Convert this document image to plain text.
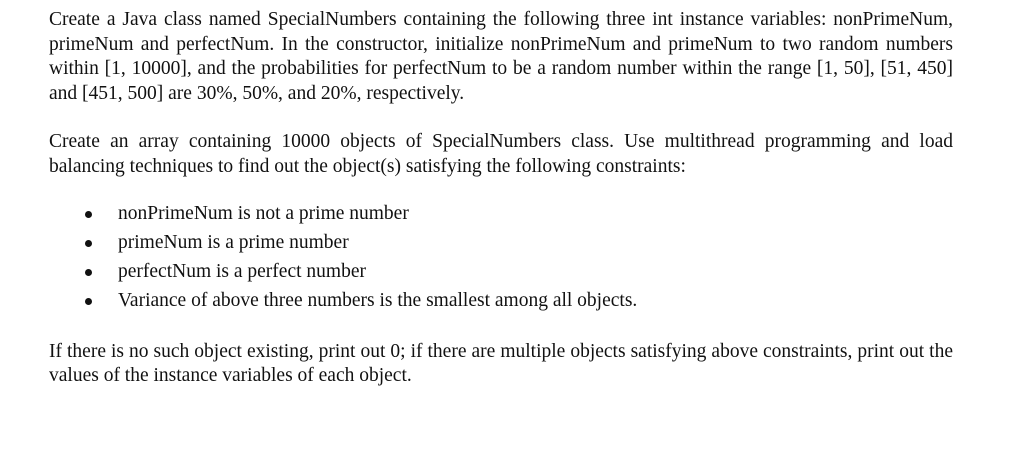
Create a Java class named SpecialNumbers containing the following three int instance variables: nonPrimeNum, primeNum and perfectNum. In the constructor, initialize nonPrimeNum and primeNum to two random numbers within [1, 10000], and the probabilities for perfectNum to be a random number within the range [1, 50], [51, 450] and [451, 500] are 30%, 50%, and 20%, respectively.

Create an array containing 10000 objects of SpecialNumbers class. Use multithread programming and load balancing techniques to find out the object(s) satisfying the following constraints:

nonPrimeNum is not a prime number
primeNum is a prime number
perfectNum is a perfect number
Variance of above three numbers is the smallest among all objects.

If there is no such object existing, print out 0; if there are multiple objects satisfying above constraints, print out the values of the instance variables of each object.
